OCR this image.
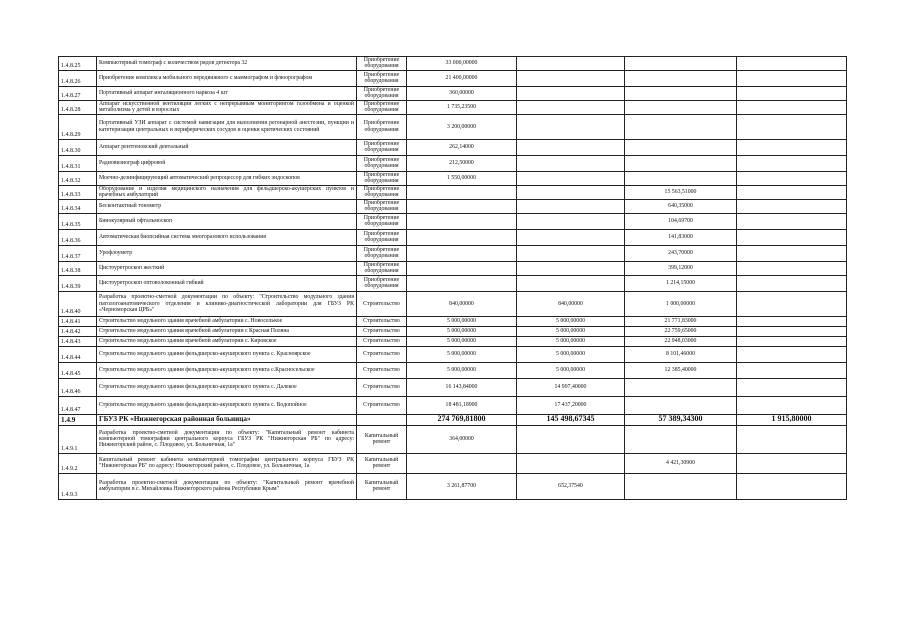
1.4.8.25	Компьютерный томограф с количеством рядов детектора 32	Приобретение оборудования	33 000,00000			
1.4.8.26	Приобретение комплекса мобильного передвижного с маммографом и флюорографом	Приобретение оборудования	21 400,00000			
1.4.8.27	Портативный аппарат ингаляционного наркоза 4 шт	Приобретение оборудования	360,00000			
1.4.8.28	Аппарат искусственной вентиляции легких с непрерывным мониторингом газообмена и оценкой метаболизма у детей и взрослых	Приобретение оборудования	1 735,23500			
1.4.8.29	Портативный УЗИ аппарат с системой навигации для выполнения регонарной анестезии, пункции и катетеризации центральных и периферических сосудов и оценки критических состояний	Приобретение оборудования	3 200,00000			
1.4.8.30	Аппарат рентгеновский дентальный	Приобретение оборудования	262,14000			
1.4.8.31	Радиовизиограф цифровой	Приобретение оборудования	212,50000			
1.4.8.32	Моечно-дезинфицирующий автоматический репроцессор для гибких эндоскопов	Приобретение оборудования	1 550,00000			
1.4.8.33	Оборудование и изделия медицинского назначения для фельдшерско-акушерских пунктов и врачебных амбулаторий	Приобретение оборудования			15 563,51000	
1.4.8.34	Бесконтактный тонометр	Приобретение оборудования			640,35000	
1.4.8.35	Бинокулярный офтальмоскоп	Приобретение оборудования			104,69700	
1.4.8.36	Автоматическая биопсийная система многоразового использования	Приобретение оборудования			141,83000	
1.4.8.37	Урофлоуметр	Приобретение оборудования			243,70000	
1.4.8.38	Цистоуретроскоп жесткий	Приобретение оборудования			399,12000	
1.4.8.39	Цистоуретроскоп оптоволоконный гибкий	Приобретение оборудования			1 214,15000	
1.4.8.40	Разработка проектно-сметной документации по объекту: "Строительство модульного здания патологоанатомического отделения и клинико-диагностической лаборатории для ГБУЗ РК «Черноморская ЦРБ»"	Строительство	840,00000	840,00000	1 000,00000	
1.4.8.41	Строительство модульного здания врачебной амбулатории с. Новоселькое	Строительство	5 000,00000	5 000,00000	21 771,83000	
1.4.8.42	Строительство модульного здания врачебной амбулатории с Красная Поляна	Строительство	5 000,00000	5 000,00000	22 759,65000	
1.4.8.43	Строительство модульного здания врачебной амбулатории с. Кировское	Строительство	5 000,00000	5 000,00000	22 948,03000	
1.4.8.44	Строительство модульного здания фельдшерско-акушерского пункта с. Красноярское	Строительство	5 000,00000	5 000,00000	8 101,46000	
1.4.8.45	Строительство модульного здания фельдшерско-акушерского пункта с.Красносельское	Строительство	5 000,00000	5 000,00000	12 385,40000	
1.4.8.46	Строительство модульного здания фельдшерско-акушерского пункта с. Далекое	Строительство	16 143,84000	14 997,40000		
1.4.8.47	Строительство модульного здания фельдшерско-акушерского пункта с. Водопойное	Строительство	18 481,18900	17 437,20000		
1.4.9	ГБУЗ РК «Нижнегорская районная больница»		274 769,81800	145 498,67345	57 389,34300	1 915,80000
1.4.9.1	Разработка проектно-сметной документации по объекту: "Капитальный ремонт кабинета компьютерной томографии центрального корпуса ГБУЗ РК "Нижнегорская РБ" по адресу: Нижнегорский район, с. Плодовое, ул. Больничная, 1а"	Капитальный ремонт	364,00000			
1.4.9.2	Капитальный ремонт кабинета компьютерной томографии центрального корпуса ГБУЗ РК "Нижнегорская РБ" по адресу: Нижнегорский район, с. Плодовое, ул. Больничная, 1а	Капитальный ремонт			4 421,30900	
1.4.9.3	Разработка проектно-сметной документации по объекту: "Капитальный ремонт врачебной амбулатории в с. Михайловка Нижнегорского района Республики Крым"	Капитальный ремонт	3 261,87700	652,37540		
